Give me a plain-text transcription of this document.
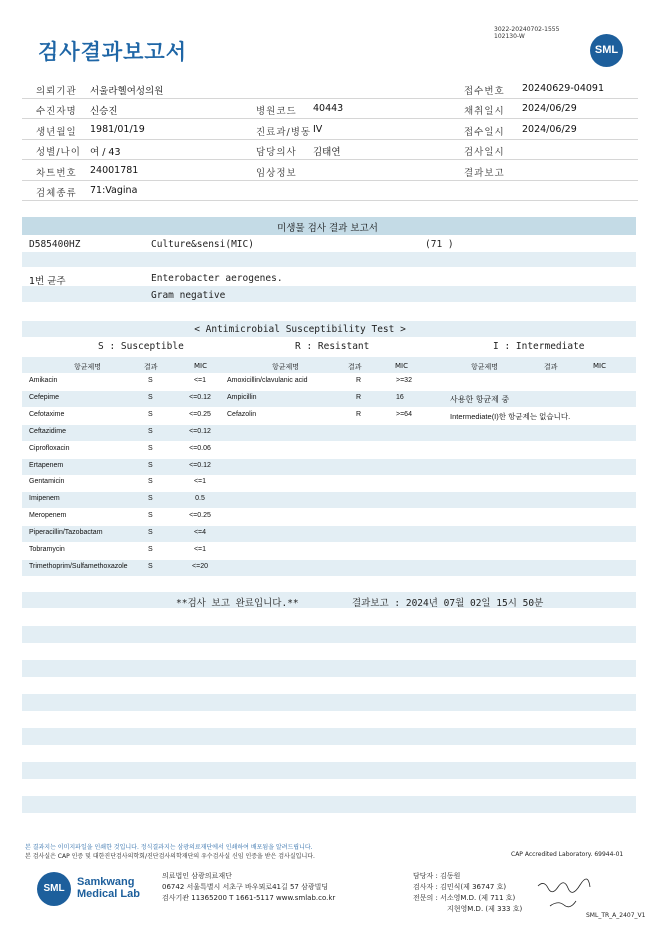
검사결과보고서
3022-20240702-1555
102130-W
SML
의뢰기관 서울라헬여성의원	접수번호 20240629-04091
수진자명 신승진	병원코드 40443	채취일시 2024/06/29
생년월일 1981/01/19	진료과/병동 IV	접수일시 2024/06/29
성별/나이 여 / 43	담당의사 김태연	검사일시
차트번호 24001781	임상정보	결과보고
검체종류 71:Vagina
미생물 검사 결과 보고서
D585400HZ	Culture&sensi(MIC)	(71 )
1번 균주	Enterobacter aerogenes.
Gram negative
< Antimicrobial Susceptibility Test >
S : Susceptible	R : Resistant	I : Intermediate
항균제명	결과	MIC	항균제명	결과	MIC	항균제명	결과	MIC
Amikacin	S	<=1	Amoxicillin/clavulanic acid	R	>=32
Cefepime	S	<=0.12	Ampicillin	R	16	사용한 항균제 중
Cefotaxime	S	<=0.25	Cefazolin	R	>=64	Intermediate(I)한 항균제는 없습니다.
Ceftazidime	S	<=0.12
Ciprofloxacin	S	<=0.06
Ertapenem	S	<=0.12
Gentamicin	S	<=1
Imipenem	S	0.5
Meropenem	S	<=0.25
Piperacillin/Tazobactam	S	<=4
Tobramycin	S	<=1
Trimethoprim/Sulfamethoxazole	S	<=20
**검사 보고 완료입니다.**	결과보고 : 2024년 07월 02일 15시 50분
본 결과지는 이미지파일을 인쇄한 것입니다. 정식결과지는 삼광의료재단에서 인쇄하여 배포됨을 알려드립니다.
본 검사실은 CAP 인증 및 대한진단검사의학회/진단검사의학재단의 우수검사실 신임 인증을 받은 검사실입니다.	CAP Accredited Laboratory. 69944-01
SML
Samkwang
Medical Lab
의료법인 삼광의료재단
06742 서울특별시 서초구 바우뫼로41길 57 삼광빌딩
검사기관 11365200 T 1661-5117 www.smlab.co.kr
담당자 : 김동원
검사자 : 김민식(제 36747 호)
전문의 : 서소영M.D. (제 711 호)
지현영M.D. (제 333 호)
SML_TR_A_2407_V1
